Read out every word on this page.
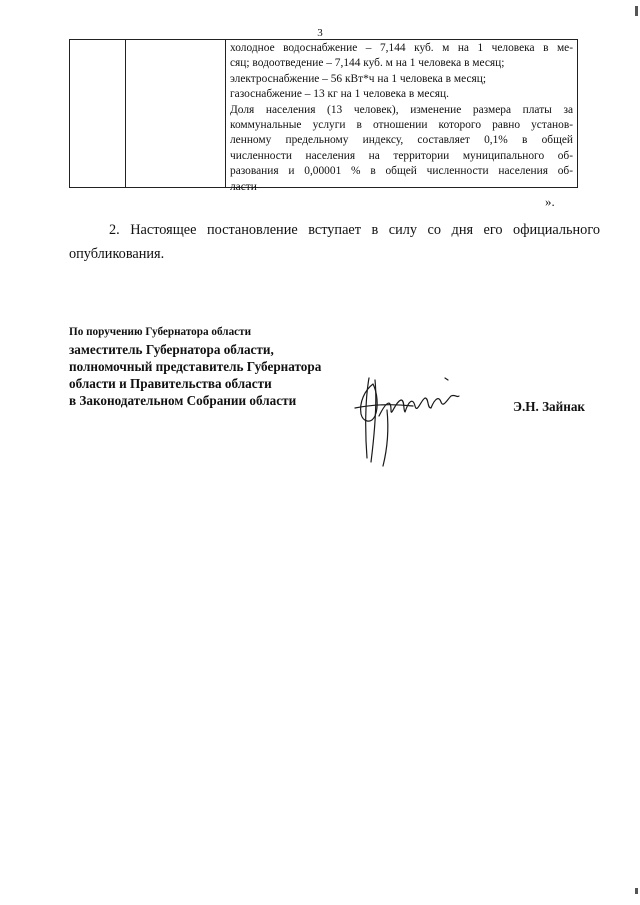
3
холодное водоснабжение – 7,144 куб. м на 1 человека в ме-
сяц; водоотведение – 7,144 куб. м на 1 человека в месяц;
электроснабжение – 56 кВт*ч на 1 человека в месяц;
газоснабжение – 13 кг на 1 человека в месяц.
Доля населения (13 человек), изменение размера платы за
коммунальные услуги в отношении которого равно установ-
ленному предельному индексу, составляет 0,1% в общей
численности населения на территории муниципального об-
разования и 0,00001 % в общей численности населения об-
ласти
».
2. Настоящее постановление вступает в силу со дня его официального
опубликования.
По поручению Губернатора области
заместитель Губернатора области,
полномочный представитель Губернатора
области и Правительства области
в Законодательном Собрании области	Э.Н. Зайнак
